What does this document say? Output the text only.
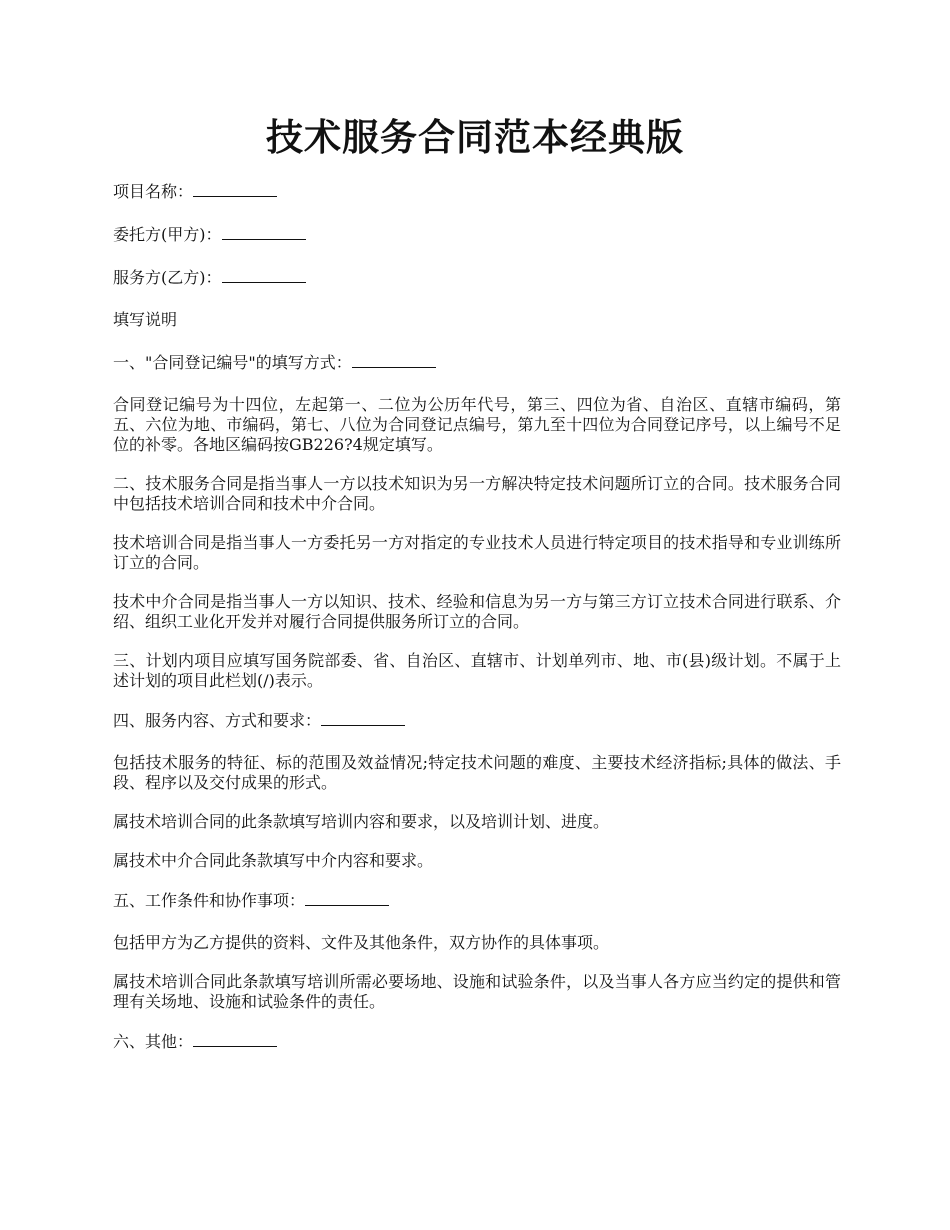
技术服务合同范本经典版

项目名称：

委托方(甲方)：

服务方(乙方)：

填写说明

一、"合同登记编号"的填写方式：

合同登记编号为十四位，左起第一、二位为公历年代号，第三、四位为省、自治区、直辖市编码，第五、六位为地、市编码，第七、八位为合同登记点编号，第九至十四位为合同登记序号，以上编号不足位的补零。各地区编码按GB226?4规定填写。

二、技术服务合同是指当事人一方以技术知识为另一方解决特定技术问题所订立的合同。技术服务合同中包括技术培训合同和技术中介合同。

技术培训合同是指当事人一方委托另一方对指定的专业技术人员进行特定项目的技术指导和专业训练所订立的合同。

技术中介合同是指当事人一方以知识、技术、经验和信息为另一方与第三方订立技术合同进行联系、介绍、组织工业化开发并对履行合同提供服务所订立的合同。

三、计划内项目应填写国务院部委、省、自治区、直辖市、计划单列市、地、市(县)级计划。不属于上述计划的项目此栏划(/)表示。

四、服务内容、方式和要求：

包括技术服务的特征、标的范围及效益情况;特定技术问题的难度、主要技术经济指标;具体的做法、手段、程序以及交付成果的形式。

属技术培训合同的此条款填写培训内容和要求，以及培训计划、进度。

属技术中介合同此条款填写中介内容和要求。

五、工作条件和协作事项：

包括甲方为乙方提供的资料、文件及其他条件，双方协作的具体事项。

属技术培训合同此条款填写培训所需必要场地、设施和试验条件，以及当事人各方应当约定的提供和管理有关场地、设施和试验条件的责任。

六、其他：
